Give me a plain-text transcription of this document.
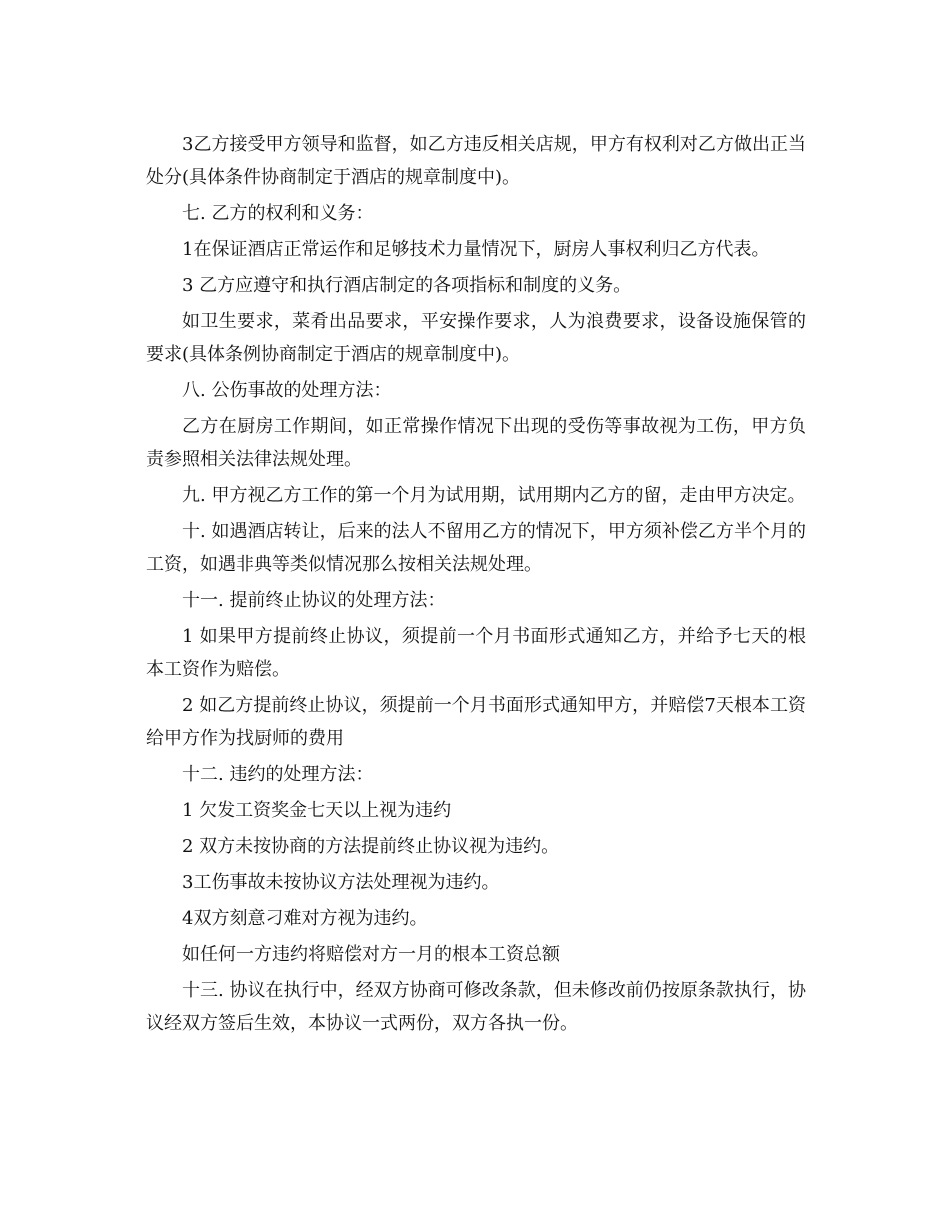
3乙方接受甲方领导和监督，如乙方违反相关店规，甲方有权利对乙方做出正当处分(具体条件协商制定于酒店的规章制度中)。

七. 乙方的权利和义务：

1在保证酒店正常运作和足够技术力量情况下，厨房人事权利归乙方代表。

3 乙方应遵守和执行酒店制定的各项指标和制度的义务。

如卫生要求，菜肴出品要求，平安操作要求，人为浪费要求，设备设施保管的要求(具体条例协商制定于酒店的规章制度中)。

八. 公伤事故的处理方法：

乙方在厨房工作期间，如正常操作情况下出现的受伤等事故视为工伤，甲方负责参照相关法律法规处理。

九. 甲方视乙方工作的第一个月为试用期，试用期内乙方的留，走由甲方决定。

十. 如遇酒店转让，后来的法人不留用乙方的情况下，甲方须补偿乙方半个月的工资，如遇非典等类似情况那么按相关法规处理。

十一. 提前终止协议的处理方法：

1 如果甲方提前终止协议，须提前一个月书面形式通知乙方，并给予七天的根本工资作为赔偿。

2 如乙方提前终止协议，须提前一个月书面形式通知甲方，并赔偿7天根本工资给甲方作为找厨师的费用

十二. 违约的处理方法：

1 欠发工资奖金七天以上视为违约

2 双方未按协商的方法提前终止协议视为违约。

3工伤事故未按协议方法处理视为违约。

4双方刻意刁难对方视为违约。

如任何一方违约将赔偿对方一月的根本工资总额

十三. 协议在执行中，经双方协商可修改条款，但未修改前仍按原条款执行，协议经双方签后生效，本协议一式两份，双方各执一份。
